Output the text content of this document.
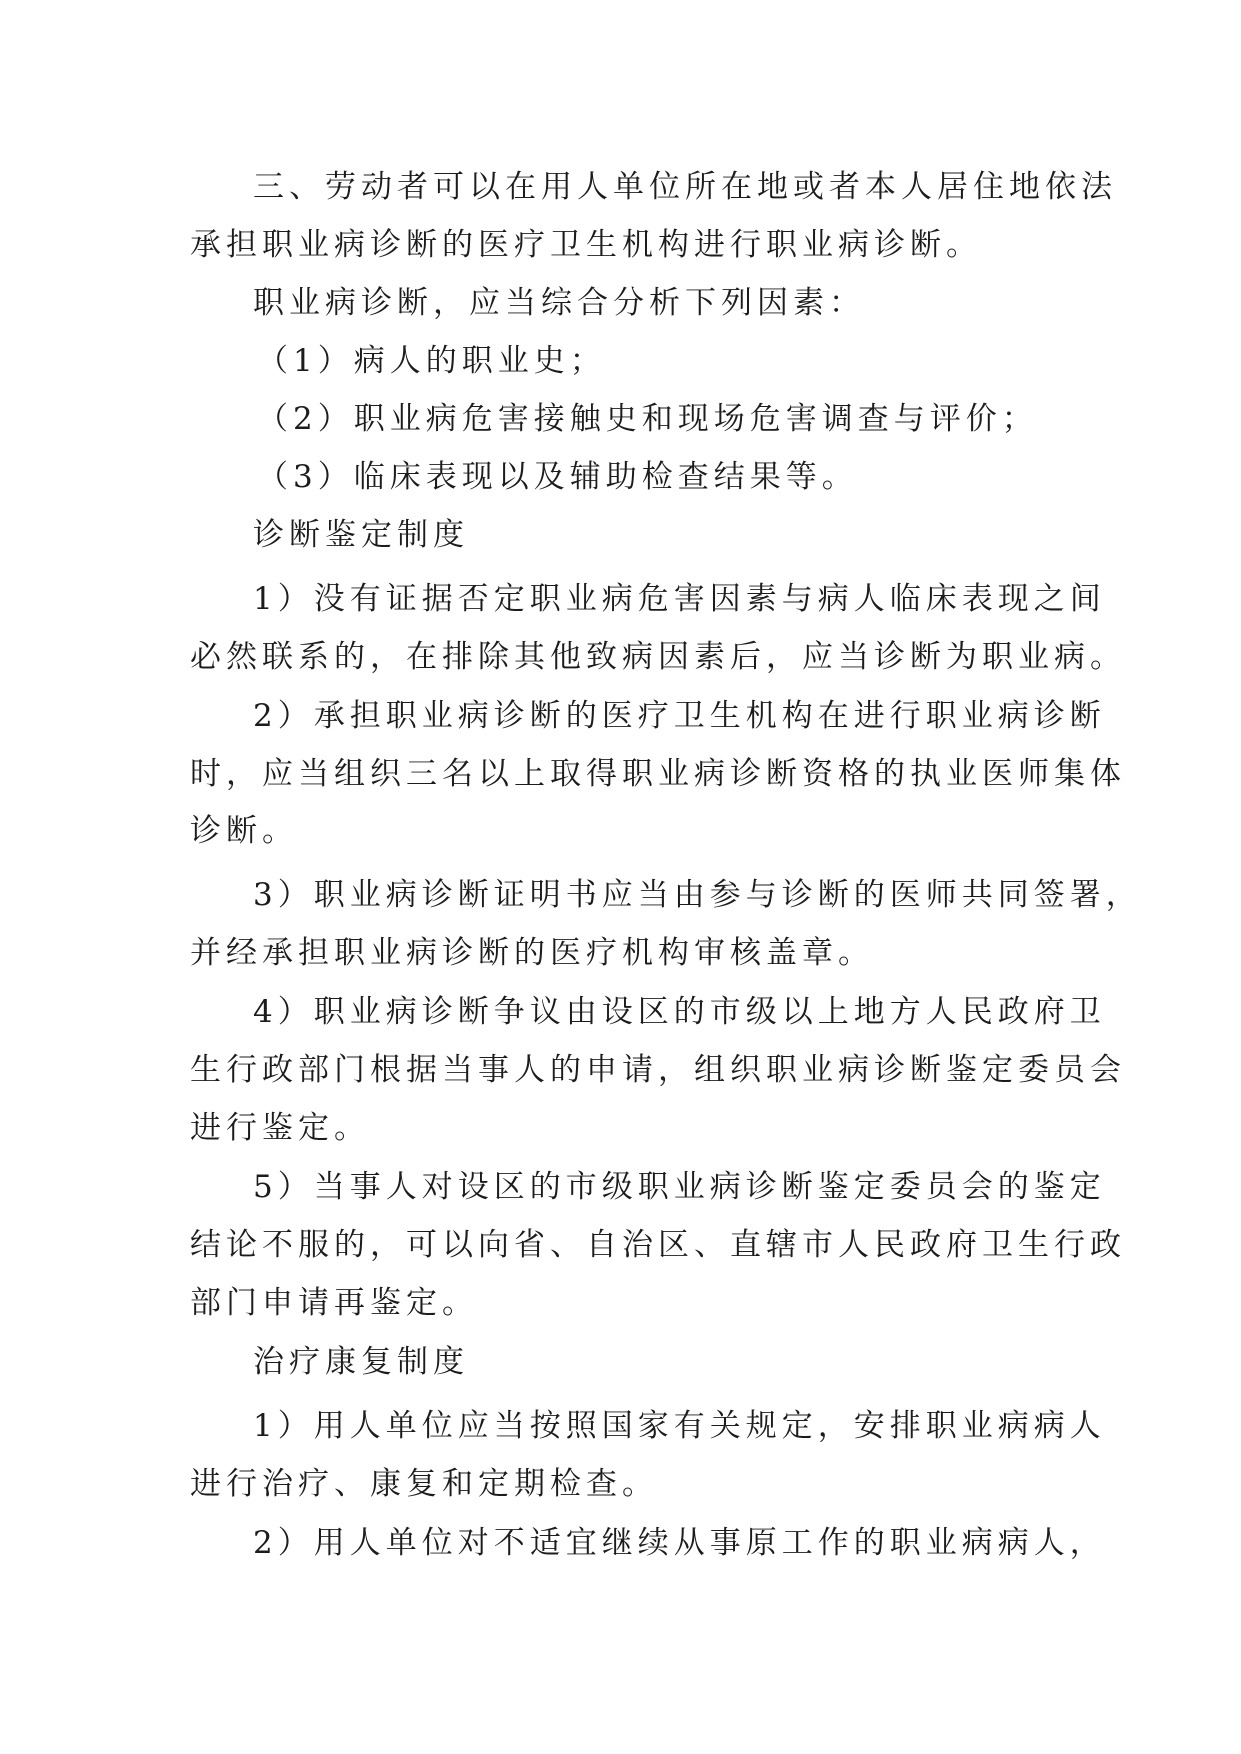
三、劳动者可以在用人单位所在地或者本人居住地依法

承担职业病诊断的医疗卫生机构进行职业病诊断。

职业病诊断，应当综合分析下列因素：

（1）病人的职业史；

（2）职业病危害接触史和现场危害调查与评价；

（3）临床表现以及辅助检查结果等。

诊断鉴定制度

1）没有证据否定职业病危害因素与病人临床表现之间

必然联系的，在排除其他致病因素后，应当诊断为职业病。

2）承担职业病诊断的医疗卫生机构在进行职业病诊断

时，应当组织三名以上取得职业病诊断资格的执业医师集体

诊断。

3）职业病诊断证明书应当由参与诊断的医师共同签署，

并经承担职业病诊断的医疗机构审核盖章。

4）职业病诊断争议由设区的市级以上地方人民政府卫

生行政部门根据当事人的申请，组织职业病诊断鉴定委员会

进行鉴定。

5）当事人对设区的市级职业病诊断鉴定委员会的鉴定

结论不服的，可以向省、自治区、直辖市人民政府卫生行政

部门申请再鉴定。

治疗康复制度

1）用人单位应当按照国家有关规定，安排职业病病人

进行治疗、康复和定期检查。

2）用人单位对不适宜继续从事原工作的职业病病人，
